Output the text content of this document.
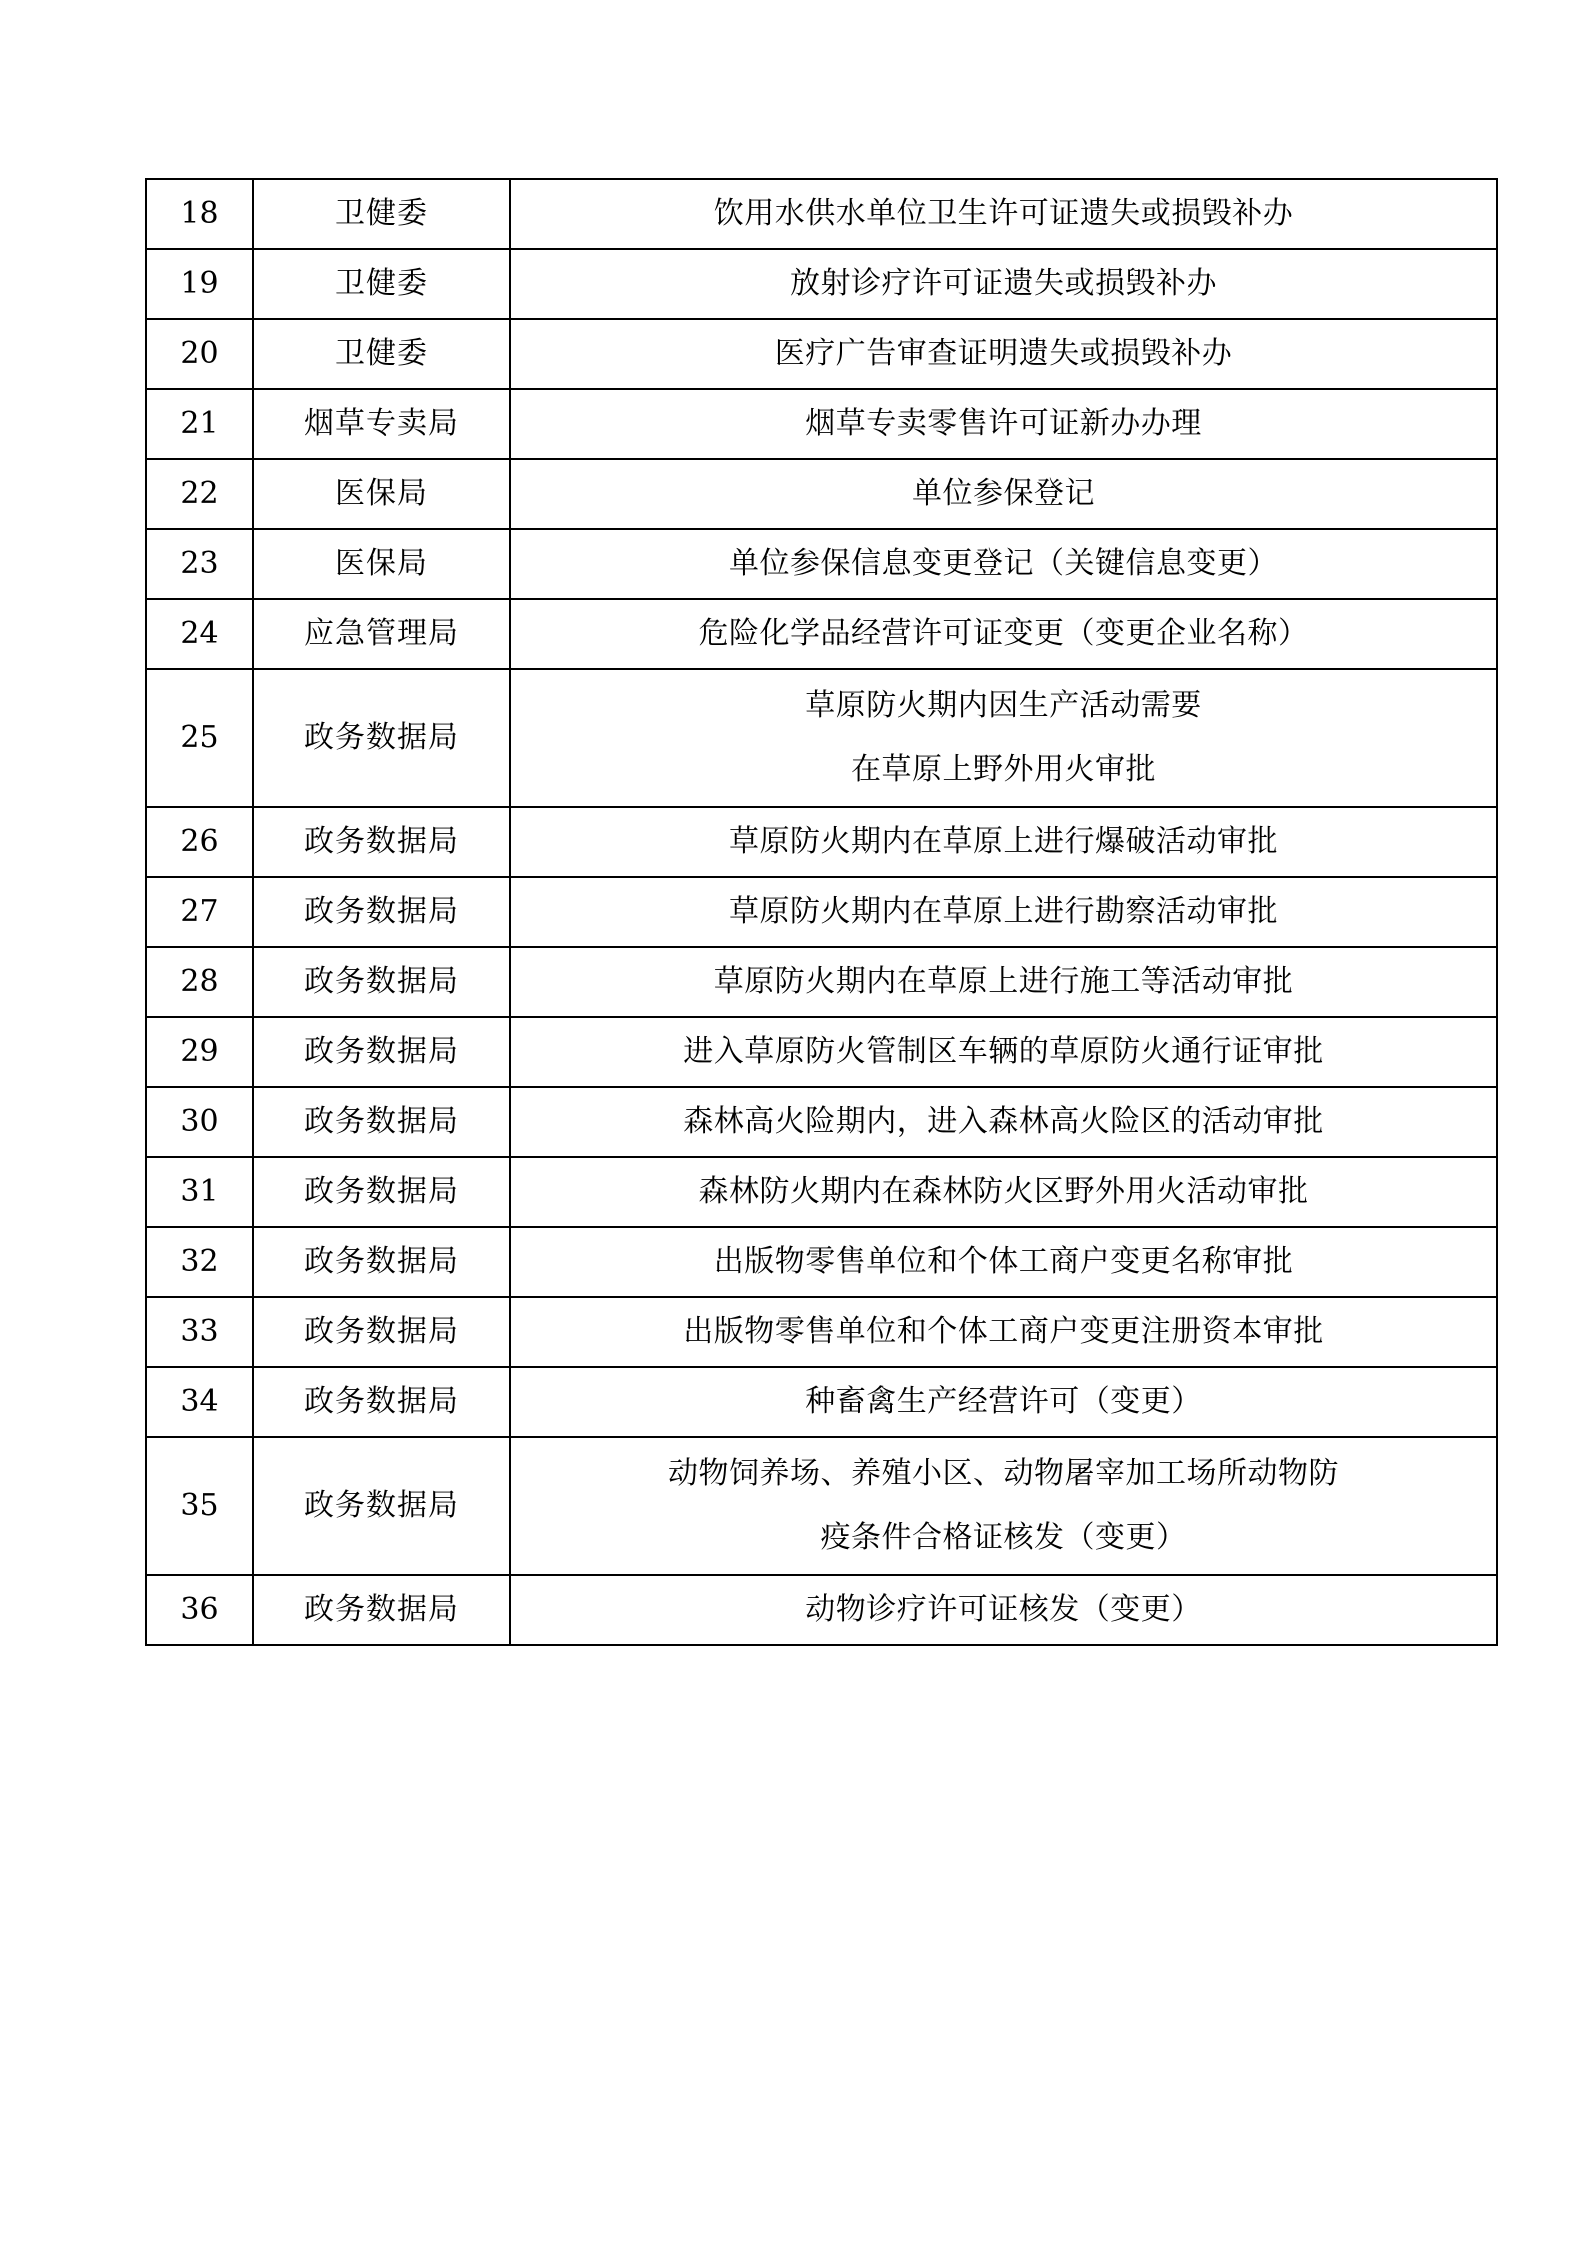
18	卫健委	饮用水供水单位卫生许可证遗失或损毁补办

19	卫健委	放射诊疗许可证遗失或损毁补办

20	卫健委	医疗广告审查证明遗失或损毁补办

21	烟草专卖局	烟草专卖零售许可证新办办理

22	医保局	单位参保登记

23	医保局	单位参保信息变更登记（关键信息变更）

24	应急管理局	危险化学品经营许可证变更（变更企业名称）

25	政务数据局	草原防火期内因生产活动需要
在草原上野外用火审批

26	政务数据局	草原防火期内在草原上进行爆破活动审批

27	政务数据局	草原防火期内在草原上进行勘察活动审批

28	政务数据局	草原防火期内在草原上进行施工等活动审批

29	政务数据局	进入草原防火管制区车辆的草原防火通行证审批

30	政务数据局	森林高火险期内，进入森林高火险区的活动审批

31	政务数据局	森林防火期内在森林防火区野外用火活动审批

32	政务数据局	出版物零售单位和个体工商户变更名称审批

33	政务数据局	出版物零售单位和个体工商户变更注册资本审批

34	政务数据局	种畜禽生产经营许可（变更）

35	政务数据局	动物饲养场、养殖小区、动物屠宰加工场所动物防
疫条件合格证核发（变更）

36	政务数据局	动物诊疗许可证核发（变更）
